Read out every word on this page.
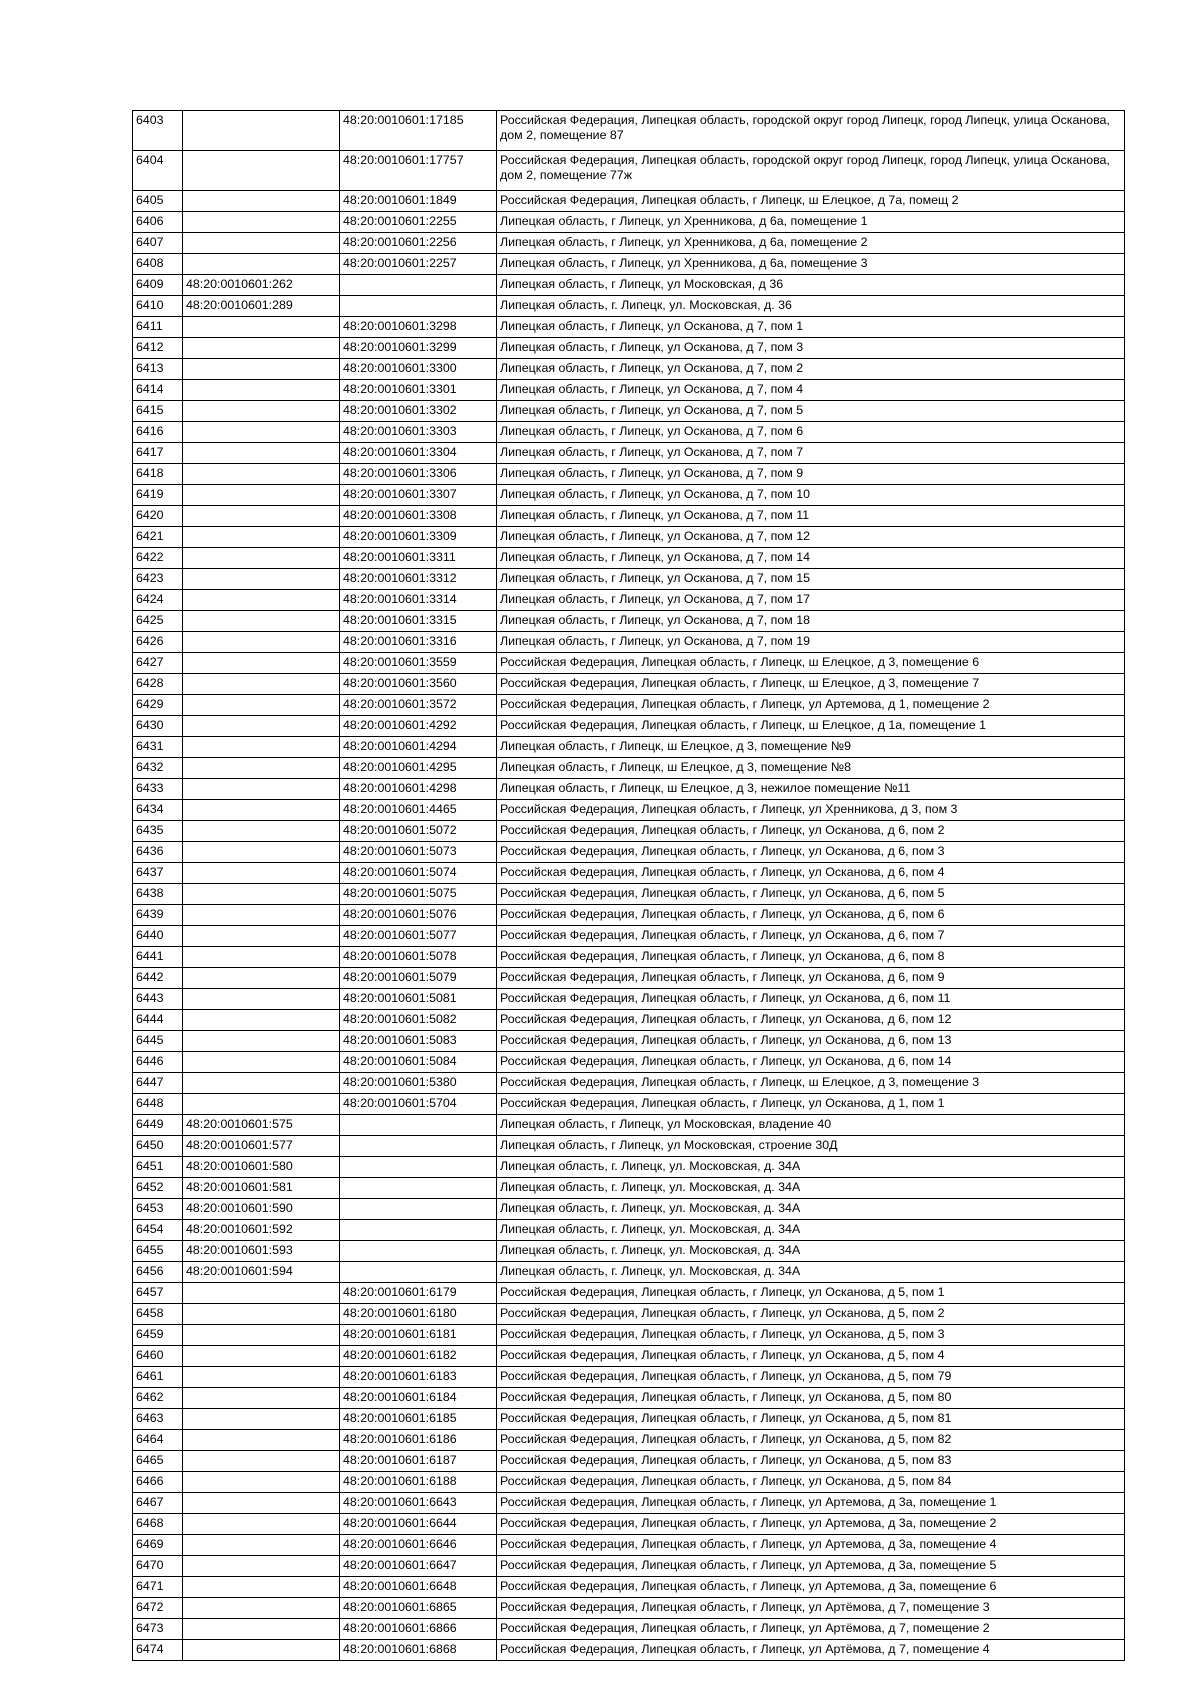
6403		48:20:0010601:17185	Российская Федерация, Липецкая область, городской округ город Липецк, город Липецк, улица Осканова, дом 2, помещение 87
6404		48:20:0010601:17757	Российская Федерация, Липецкая область, городской округ город Липецк, город Липецк, улица Осканова, дом 2, помещение 77ж
6405		48:20:0010601:1849	Российская Федерация, Липецкая область, г Липецк, ш Елецкое, д 7а, помещ 2
6406		48:20:0010601:2255	Липецкая область, г Липецк, ул Хренникова, д 6а, помещение 1
6407		48:20:0010601:2256	Липецкая область, г Липецк, ул Хренникова, д 6а, помещение 2
6408		48:20:0010601:2257	Липецкая область, г Липецк, ул Хренникова, д 6а, помещение 3
6409	48:20:0010601:262		Липецкая область, г Липецк, ул Московская, д 36
6410	48:20:0010601:289		Липецкая область, г. Липецк, ул. Московская, д. 36
6411		48:20:0010601:3298	Липецкая область, г Липецк, ул Осканова, д 7, пом 1
6412		48:20:0010601:3299	Липецкая область, г Липецк, ул Осканова, д 7, пом 3
6413		48:20:0010601:3300	Липецкая область, г Липецк, ул Осканова, д 7, пом 2
6414		48:20:0010601:3301	Липецкая область, г Липецк, ул Осканова, д 7, пом 4
6415		48:20:0010601:3302	Липецкая область, г Липецк, ул Осканова, д 7, пом 5
6416		48:20:0010601:3303	Липецкая область, г Липецк, ул Осканова, д 7, пом 6
6417		48:20:0010601:3304	Липецкая область, г Липецк, ул Осканова, д 7, пом 7
6418		48:20:0010601:3306	Липецкая область, г Липецк, ул Осканова, д 7, пом 9
6419		48:20:0010601:3307	Липецкая область, г Липецк, ул Осканова, д 7, пом 10
6420		48:20:0010601:3308	Липецкая область, г Липецк, ул Осканова, д 7, пом 11
6421		48:20:0010601:3309	Липецкая область, г Липецк, ул Осканова, д 7, пом 12
6422		48:20:0010601:3311	Липецкая область, г Липецк, ул Осканова, д 7, пом 14
6423		48:20:0010601:3312	Липецкая область, г Липецк, ул Осканова, д 7, пом 15
6424		48:20:0010601:3314	Липецкая область, г Липецк, ул Осканова, д 7, пом 17
6425		48:20:0010601:3315	Липецкая область, г Липецк, ул Осканова, д 7, пом 18
6426		48:20:0010601:3316	Липецкая область, г Липецк, ул Осканова, д 7, пом 19
6427		48:20:0010601:3559	Российская Федерация, Липецкая область, г Липецк, ш Елецкое, д 3, помещение 6
6428		48:20:0010601:3560	Российская Федерация, Липецкая область, г Липецк, ш Елецкое, д 3, помещение 7
6429		48:20:0010601:3572	Российская Федерация, Липецкая область, г Липецк, ул Артемова, д 1, помещение 2
6430		48:20:0010601:4292	Российская Федерация, Липецкая область, г Липецк, ш Елецкое, д 1а, помещение 1
6431		48:20:0010601:4294	Липецкая область, г Липецк, ш Елецкое, д 3, помещение №9
6432		48:20:0010601:4295	Липецкая область, г Липецк, ш Елецкое, д 3, помещение №8
6433		48:20:0010601:4298	Липецкая область, г Липецк, ш Елецкое, д 3, нежилое помещение №11
6434		48:20:0010601:4465	Российская Федерация, Липецкая область, г Липецк, ул Хренникова, д 3, пом 3
6435		48:20:0010601:5072	Российская Федерация, Липецкая область, г Липецк, ул Осканова, д 6, пом 2
6436		48:20:0010601:5073	Российская Федерация, Липецкая область, г Липецк, ул Осканова, д 6, пом 3
6437		48:20:0010601:5074	Российская Федерация, Липецкая область, г Липецк, ул Осканова, д 6, пом 4
6438		48:20:0010601:5075	Российская Федерация, Липецкая область, г Липецк, ул Осканова, д 6, пом 5
6439		48:20:0010601:5076	Российская Федерация, Липецкая область, г Липецк, ул Осканова, д 6, пом 6
6440		48:20:0010601:5077	Российская Федерация, Липецкая область, г Липецк, ул Осканова, д 6, пом 7
6441		48:20:0010601:5078	Российская Федерация, Липецкая область, г Липецк, ул Осканова, д 6, пом 8
6442		48:20:0010601:5079	Российская Федерация, Липецкая область, г Липецк, ул Осканова, д 6, пом 9
6443		48:20:0010601:5081	Российская Федерация, Липецкая область, г Липецк, ул Осканова, д 6, пом 11
6444		48:20:0010601:5082	Российская Федерация, Липецкая область, г Липецк, ул Осканова, д 6, пом 12
6445		48:20:0010601:5083	Российская Федерация, Липецкая область, г Липецк, ул Осканова, д 6, пом 13
6446		48:20:0010601:5084	Российская Федерация, Липецкая область, г Липецк, ул Осканова, д 6, пом 14
6447		48:20:0010601:5380	Российская Федерация, Липецкая область, г Липецк, ш Елецкое, д 3, помещение 3
6448		48:20:0010601:5704	Российская Федерация, Липецкая область, г Липецк, ул Осканова, д 1, пом 1
6449	48:20:0010601:575		Липецкая область, г Липецк, ул Московская, владение 40
6450	48:20:0010601:577		Липецкая область, г Липецк, ул Московская, строение 30Д
6451	48:20:0010601:580		Липецкая область, г. Липецк, ул. Московская, д. 34А
6452	48:20:0010601:581		Липецкая область, г. Липецк, ул. Московская, д. 34А
6453	48:20:0010601:590		Липецкая область, г. Липецк, ул. Московская, д. 34А
6454	48:20:0010601:592		Липецкая область, г. Липецк, ул. Московская, д. 34А
6455	48:20:0010601:593		Липецкая область, г. Липецк, ул. Московская, д. 34А
6456	48:20:0010601:594		Липецкая область, г. Липецк, ул. Московская, д. 34А
6457		48:20:0010601:6179	Российская Федерация, Липецкая область, г Липецк, ул Осканова, д 5, пом 1
6458		48:20:0010601:6180	Российская Федерация, Липецкая область, г Липецк, ул Осканова, д 5, пом 2
6459		48:20:0010601:6181	Российская Федерация, Липецкая область, г Липецк, ул Осканова, д 5, пом 3
6460		48:20:0010601:6182	Российская Федерация, Липецкая область, г Липецк, ул Осканова, д 5, пом 4
6461		48:20:0010601:6183	Российская Федерация, Липецкая область, г Липецк, ул Осканова, д 5, пом 79
6462		48:20:0010601:6184	Российская Федерация, Липецкая область, г Липецк, ул Осканова, д 5, пом 80
6463		48:20:0010601:6185	Российская Федерация, Липецкая область, г Липецк, ул Осканова, д 5, пом 81
6464		48:20:0010601:6186	Российская Федерация, Липецкая область, г Липецк, ул Осканова, д 5, пом 82
6465		48:20:0010601:6187	Российская Федерация, Липецкая область, г Липецк, ул Осканова, д 5, пом 83
6466		48:20:0010601:6188	Российская Федерация, Липецкая область, г Липецк, ул Осканова, д 5, пом 84
6467		48:20:0010601:6643	Российская Федерация, Липецкая область, г Липецк, ул Артемова, д 3а, помещение 1
6468		48:20:0010601:6644	Российская Федерация, Липецкая область, г Липецк, ул Артемова, д 3а, помещение 2
6469		48:20:0010601:6646	Российская Федерация, Липецкая область, г Липецк, ул Артемова, д 3а, помещение 4
6470		48:20:0010601:6647	Российская Федерация, Липецкая область, г Липецк, ул Артемова, д 3а, помещение 5
6471		48:20:0010601:6648	Российская Федерация, Липецкая область, г Липецк, ул Артемова, д 3а, помещение 6
6472		48:20:0010601:6865	Российская Федерация, Липецкая область, г Липецк, ул Артёмова, д 7, помещение 3
6473		48:20:0010601:6866	Российская Федерация, Липецкая область, г Липецк, ул Артёмова, д 7, помещение 2
6474		48:20:0010601:6868	Российская Федерация, Липецкая область, г Липецк, ул Артёмова, д 7, помещение 4
